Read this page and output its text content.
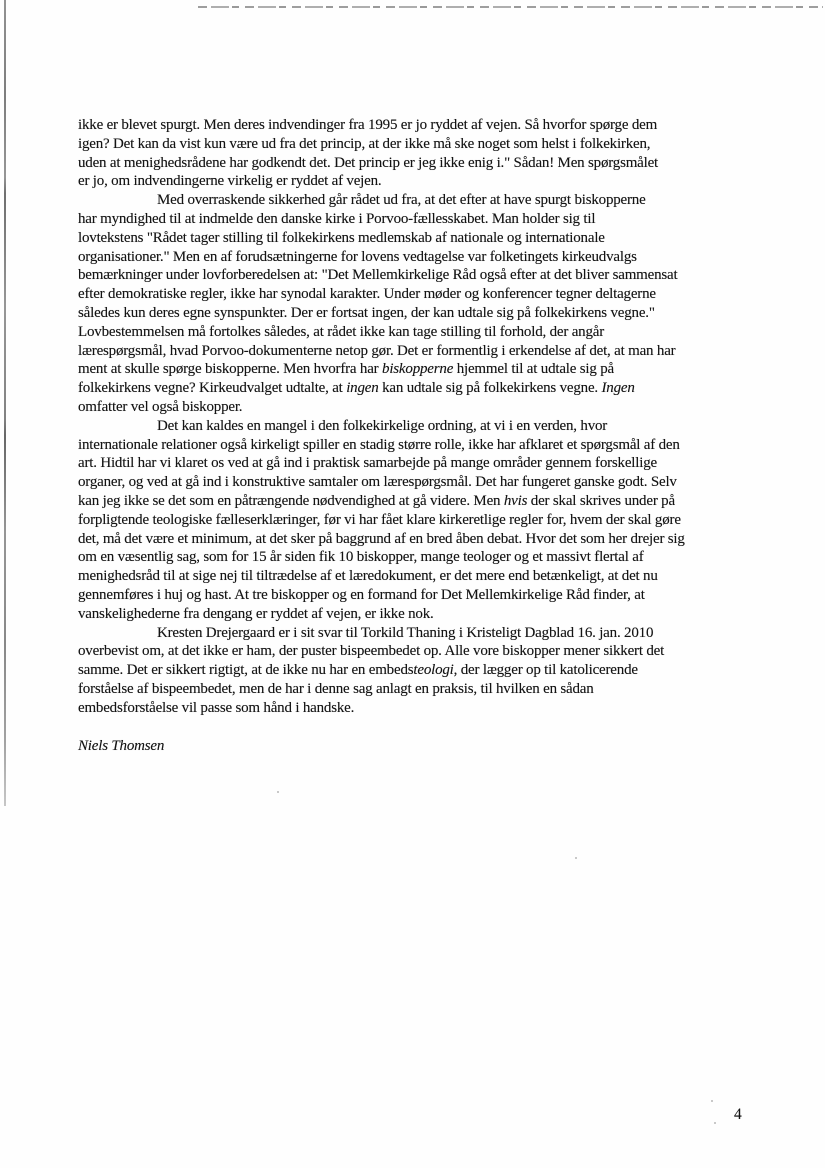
ikke er blevet spurgt. Men deres indvendinger fra 1995 er jo ryddet af vejen. Så hvorfor spørge dem
igen? Det kan da vist kun være ud fra det princip, at der ikke må ske noget som helst i folkekirken,
uden at menighedsrådene har godkendt det. Det princip er jeg ikke enig i." Sådan! Men spørgsmålet
er jo, om indvendingerne virkelig er ryddet af vejen.
Med overraskende sikkerhed går rådet ud fra, at det efter at have spurgt biskopperne
har myndighed til at indmelde den danske kirke i Porvoo-fællesskabet. Man holder sig til
lovtekstens "Rådet tager stilling til folkekirkens medlemskab af nationale og internationale
organisationer." Men en af forudsætningerne for lovens vedtagelse var folketingets kirkeudvalgs
bemærkninger under lovforberedelsen at: "Det Mellemkirkelige Råd også efter at det bliver sammensat
efter demokratiske regler, ikke har synodal karakter. Under møder og konferencer tegner deltagerne
således kun deres egne synspunkter. Der er fortsat ingen, der kan udtale sig på folkekirkens vegne."
Lovbestemmelsen må fortolkes således, at rådet ikke kan tage stilling til forhold, der angår
lærespørgsmål, hvad Porvoo-dokumenterne netop gør. Det er formentlig i erkendelse af det, at man har
ment at skulle spørge biskopperne. Men hvorfra har biskopperne hjemmel til at udtale sig på
folkekirkens vegne? Kirkeudvalget udtalte, at ingen kan udtale sig på folkekirkens vegne. Ingen
omfatter vel også biskopper.
Det kan kaldes en mangel i den folkekirkelige ordning, at vi i en verden, hvor
internationale relationer også kirkeligt spiller en stadig større rolle, ikke har afklaret et spørgsmål af den
art. Hidtil har vi klaret os ved at gå ind i praktisk samarbejde på mange områder gennem forskellige
organer, og ved at gå ind i konstruktive samtaler om lærespørgsmål. Det har fungeret ganske godt. Selv
kan jeg ikke se det som en påtrængende nødvendighed at gå videre. Men hvis der skal skrives under på
forpligtende teologiske fælleserklæringer, før vi har fået klare kirkeretlige regler for, hvem der skal gøre
det, må det være et minimum, at det sker på baggrund af en bred åben debat. Hvor det som her drejer sig
om en væsentlig sag, som for 15 år siden fik 10 biskopper, mange teologer og et massivt flertal af
menighedsråd til at sige nej til tiltrædelse af et læredokument, er det mere end betænkeligt, at det nu
gennemføres i huj og hast. At tre biskopper og en formand for Det Mellemkirkelige Råd finder, at
vanskelighederne fra dengang er ryddet af vejen, er ikke nok.
Kresten Drejergaard er i sit svar til Torkild Thaning i Kristeligt Dagblad 16. jan. 2010
overbevist om, at det ikke er ham, der puster bispeembedet op. Alle vore biskopper mener sikkert det
samme. Det er sikkert rigtigt, at de ikke nu har en embedsteologi, der lægger op til katolicerende
forståelse af bispeembedet, men de har i denne sag anlagt en praksis, til hvilken en sådan
embedsforståelse vil passe som hånd i handske.
Niels Thomsen
4
